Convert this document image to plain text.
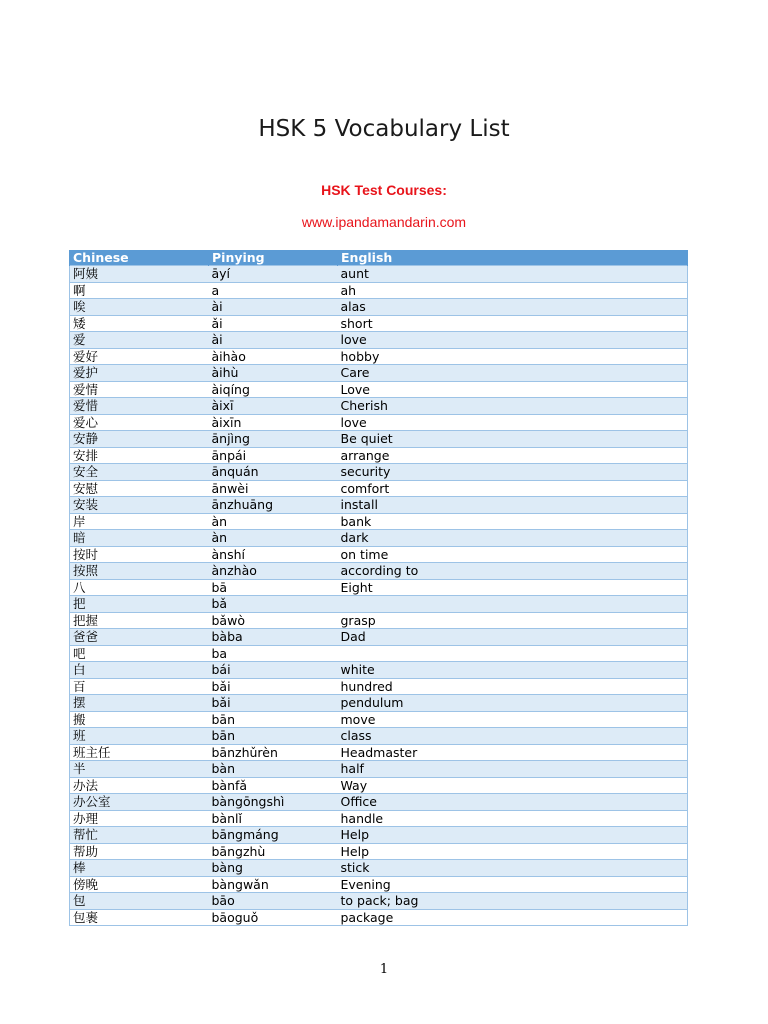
HSK 5 Vocabulary List
HSK Test Courses:
www.ipandamandarin.com
Chinese	Pinying	English
阿姨	āyí	aunt
啊	a	ah
唉	ài	alas
矮	ǎi	short
爱	ài	love
爱好	àihào	hobby
爱护	àihù	Care
爱情	àiqíng	Love
爱惜	àixī	Cherish
爱心	àixīn	love
安静	ānjìng	Be quiet
安排	ānpái	arrange
安全	ānquán	security
安慰	ānwèi	comfort
安装	ānzhuāng	install
岸	àn	bank
暗	àn	dark
按时	ànshí	on time
按照	ànzhào	according to
八	bā	Eight
把	bǎ	
把握	bǎwò	grasp
爸爸	bàba	Dad
吧	ba	
白	bái	white
百	bǎi	hundred
摆	bǎi	pendulum
搬	bān	move
班	bān	class
班主任	bānzhǔrèn	Headmaster
半	bàn	half
办法	bànfǎ	Way
办公室	bàngōngshì	Office
办理	bànlǐ	handle
帮忙	bāngmáng	Help
帮助	bāngzhù	Help
棒	bàng	stick
傍晚	bàngwǎn	Evening
包	bāo	to pack; bag
包裹	bāoguǒ	package
1
